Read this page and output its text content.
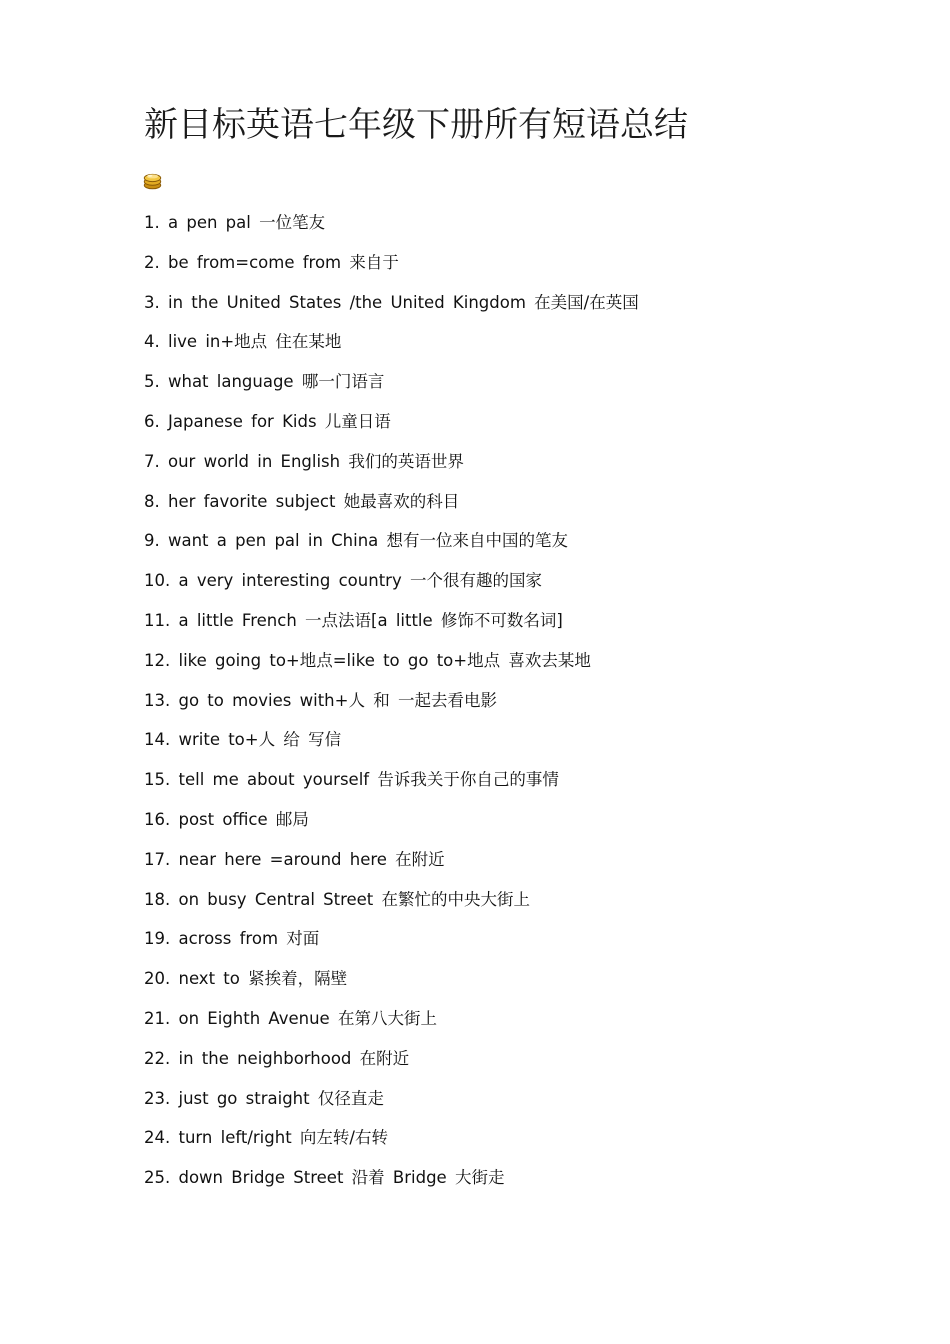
新目标英语七年级下册所有短语总结
1. a pen pal 一位笔友
2. be from=come from 来自于
3. in the United States /the United Kingdom 在美国/在英国
4. live in+地点 住在某地
5. what language 哪一门语言
6. Japanese for Kids 儿童日语
7. our world in English 我们的英语世界
8. her favorite subject 她最喜欢的科目
9. want a pen pal in China 想有一位来自中国的笔友
10. a very interesting country 一个很有趣的国家
11. a little French 一点法语[a little 修饰不可数名词]
12. like going to+地点=like to go to+地点 喜欢去某地
13. go to movies with+人 和 一起去看电影
14. write to+人 给 写信
15. tell me about yourself 告诉我关于你自己的事情
16. post office 邮局
17. near here =around here 在附近
18. on busy Central Street 在繁忙的中央大街上
19. across from 对面
20. next to 紧挨着，隔壁
21. on Eighth Avenue 在第八大街上
22. in the neighborhood 在附近
23. just go straight 仅径直走
24. turn left/right 向左转/右转
25. down Bridge Street 沿着 Bridge 大街走
